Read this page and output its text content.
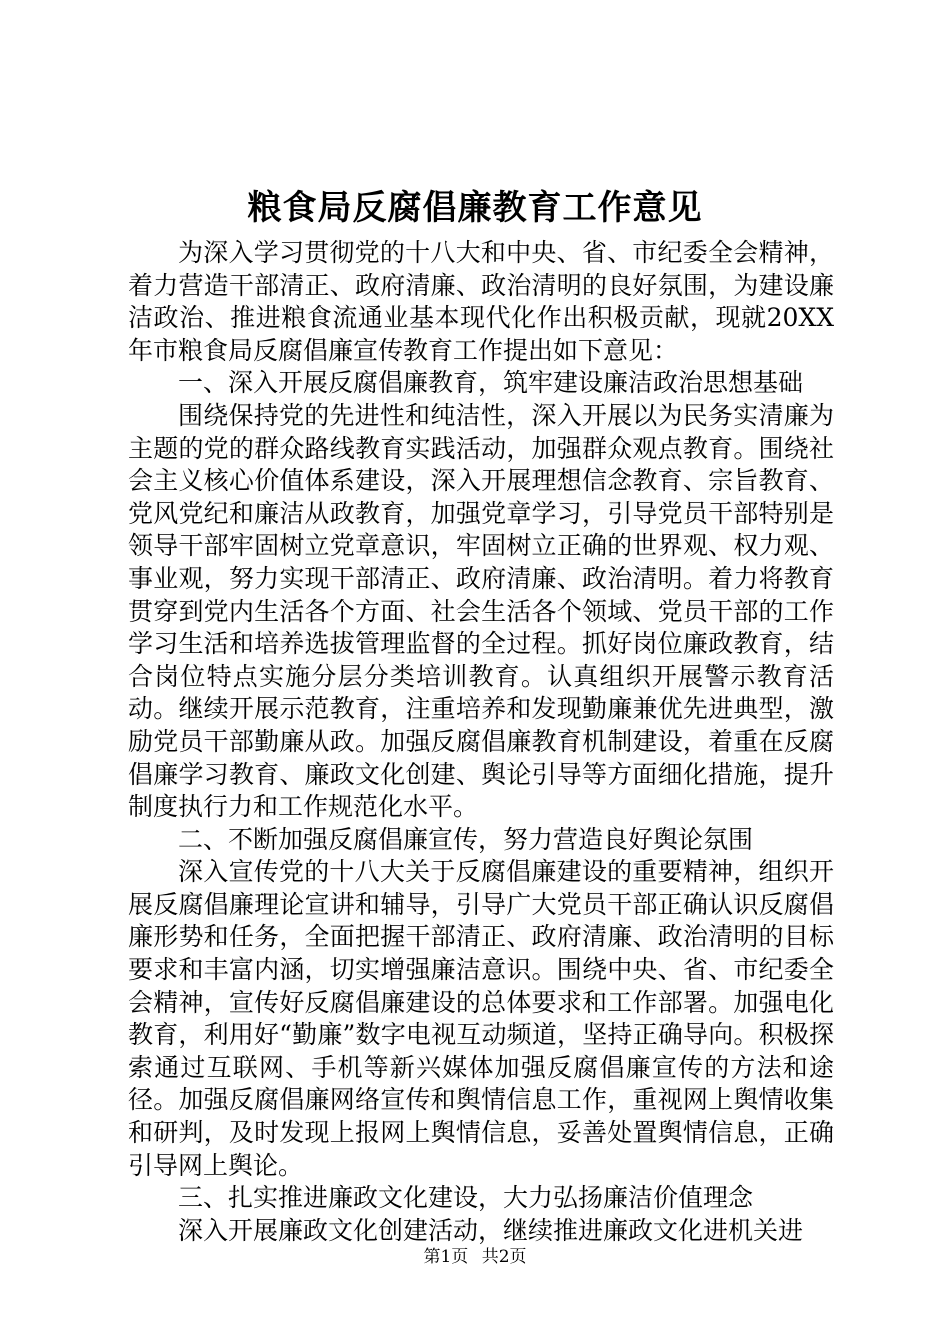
粮食局反腐倡廉教育工作意见

为深入学习贯彻党的十八大和中央、省、市纪委全会精神，着力营造干部清正、政府清廉、政治清明的良好氛围，为建设廉洁政治、推进粮食流通业基本现代化作出积极贡献，现就20XX年市粮食局反腐倡廉宣传教育工作提出如下意见：

一、深入开展反腐倡廉教育，筑牢建设廉洁政治思想基础

围绕保持党的先进性和纯洁性，深入开展以为民务实清廉为主题的党的群众路线教育实践活动，加强群众观点教育。围绕社会主义核心价值体系建设，深入开展理想信念教育、宗旨教育、党风党纪和廉洁从政教育，加强党章学习，引导党员干部特别是领导干部牢固树立党章意识，牢固树立正确的世界观、权力观、事业观，努力实现干部清正、政府清廉、政治清明。着力将教育贯穿到党内生活各个方面、社会生活各个领域、党员干部的工作学习生活和培养选拔管理监督的全过程。抓好岗位廉政教育，结合岗位特点实施分层分类培训教育。认真组织开展警示教育活动。继续开展示范教育，注重培养和发现勤廉兼优先进典型，激励党员干部勤廉从政。加强反腐倡廉教育机制建设，着重在反腐倡廉学习教育、廉政文化创建、舆论引导等方面细化措施，提升制度执行力和工作规范化水平。

二、不断加强反腐倡廉宣传，努力营造良好舆论氛围

深入宣传党的十八大关于反腐倡廉建设的重要精神，组织开展反腐倡廉理论宣讲和辅导，引导广大党员干部正确认识反腐倡廉形势和任务，全面把握干部清正、政府清廉、政治清明的目标要求和丰富内涵，切实增强廉洁意识。围绕中央、省、市纪委全会精神，宣传好反腐倡廉建设的总体要求和工作部署。加强电化教育，利用好“勤廉”数字电视互动频道，坚持正确导向。积极探索通过互联网、手机等新兴媒体加强反腐倡廉宣传的方法和途径。加强反腐倡廉网络宣传和舆情信息工作，重视网上舆情收集和研判，及时发现上报网上舆情信息，妥善处置舆情信息，正确引导网上舆论。

三、扎实推进廉政文化建设，大力弘扬廉洁价值理念

深入开展廉政文化创建活动，继续推进廉政文化进机关进

第1页 共2页
